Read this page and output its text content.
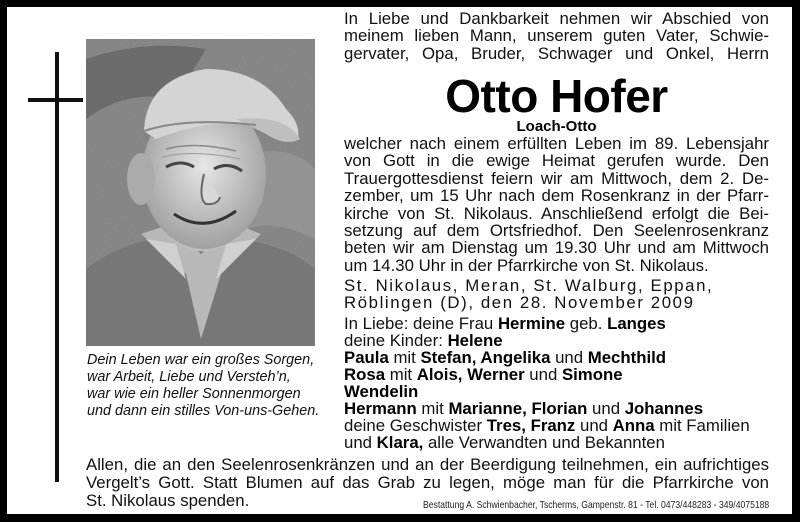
Dein Leben war ein großes Sorgen,
war Arbeit, Liebe und Versteh’n,
war wie ein heller Sonnenmorgen
und dann ein stilles Von-uns-Gehen.
In Liebe und Dankbarkeit nehmen wir Abschied von
meinem lieben Mann, unserem guten Vater, Schwie-
gervater, Opa, Bruder, Schwager und Onkel, Herrn
Otto Hofer
Loach-Otto
welcher nach einem erfüllten Leben im 89. Lebensjahr
von Gott in die ewige Heimat gerufen wurde. Den
Trauergottesdienst feiern wir am Mittwoch, dem 2. De-
zember, um 15 Uhr nach dem Rosenkranz in der Pfarr-
kirche von St. Nikolaus. Anschließend erfolgt die Bei-
setzung auf dem Ortsfriedhof. Den Seelenrosenkranz
beten wir am Dienstag um 19.30 Uhr und am Mittwoch
um 14.30 Uhr in der Pfarrkirche von St. Nikolaus.
St. Nikolaus, Meran, St. Walburg, Eppan,
Röblingen (D), den 28. November 2009
In Liebe: deine Frau Hermine geb. Langes
deine Kinder: Helene
Paula mit Stefan, Angelika und Mechthild
Rosa mit Alois, Werner und Simone
Wendelin
Hermann mit Marianne, Florian und Johannes
deine Geschwister Tres, Franz und Anna mit Familien
und Klara, alle Verwandten und Bekannten
Allen, die an den Seelenrosenkränzen und an der Beerdigung teilnehmen, ein aufrichtiges
Vergelt’s Gott. Statt Blumen auf das Grab zu legen, möge man für die Pfarrkirche von
St. Nikolaus spenden.	Bestattung A. Schwienbacher, Tscherms, Gampenstr. 81 - Tel. 0473/448283 - 349/4075188
